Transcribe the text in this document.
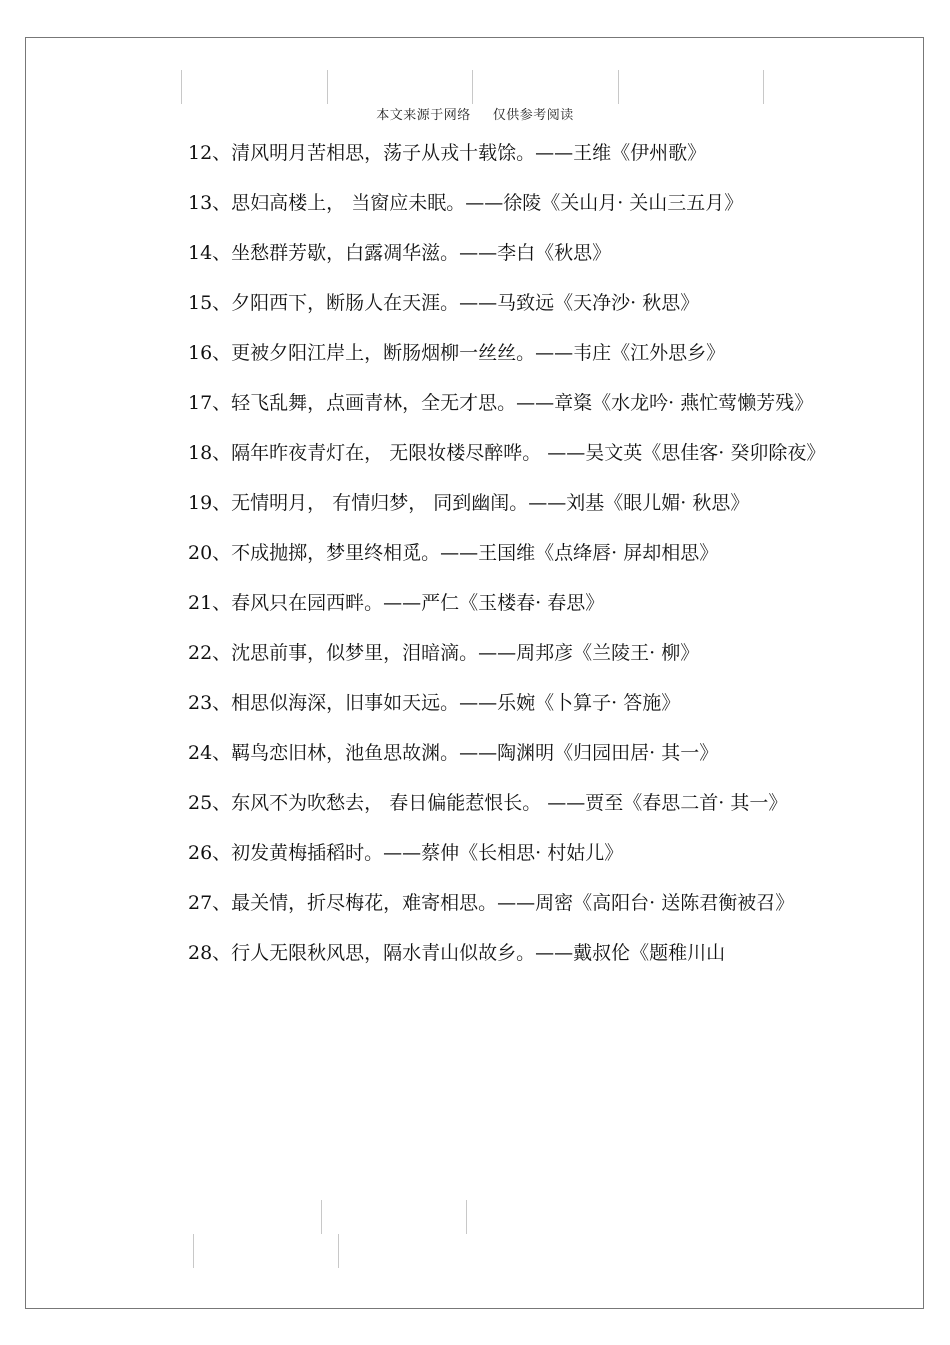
本文来源于网络 仅供参考阅读

12、清风明月苦相思，荡子从戎十载馀。——王维《伊州歌》

13、思妇高楼上， 当窗应未眠。——徐陵《关山月· 关山三五月》

14、坐愁群芳歇，白露凋华滋。——李白《秋思》

15、夕阳西下，断肠人在天涯。——马致远《天净沙· 秋思》

16、更被夕阳江岸上，断肠烟柳一丝丝。——韦庄《江外思乡》

17、轻飞乱舞，点画青林，全无才思。——章楶《水龙吟· 燕忙莺懒芳残》

18、隔年昨夜青灯在， 无限妆楼尽醉哗。 ——吴文英《思佳客· 癸卯除夜》

19、无情明月， 有情归梦， 同到幽闺。——刘基《眼儿媚· 秋思》

20、不成抛掷，梦里终相觅。——王国维《点绛唇· 屏却相思》

21、春风只在园西畔。——严仁《玉楼春· 春思》

22、沈思前事，似梦里，泪暗滴。——周邦彦《兰陵王· 柳》

23、相思似海深，旧事如天远。——乐婉《卜算子· 答施》

24、羁鸟恋旧林，池鱼思故渊。——陶渊明《归园田居· 其一》

25、东风不为吹愁去， 春日偏能惹恨长。 ——贾至《春思二首· 其一》

26、初发黄梅插稻时。——蔡伸《长相思· 村姑儿》

27、最关情，折尽梅花，难寄相思。——周密《高阳台· 送陈君衡被召》

28、行人无限秋风思，隔水青山似故乡。——戴叔伦《题稚川山
